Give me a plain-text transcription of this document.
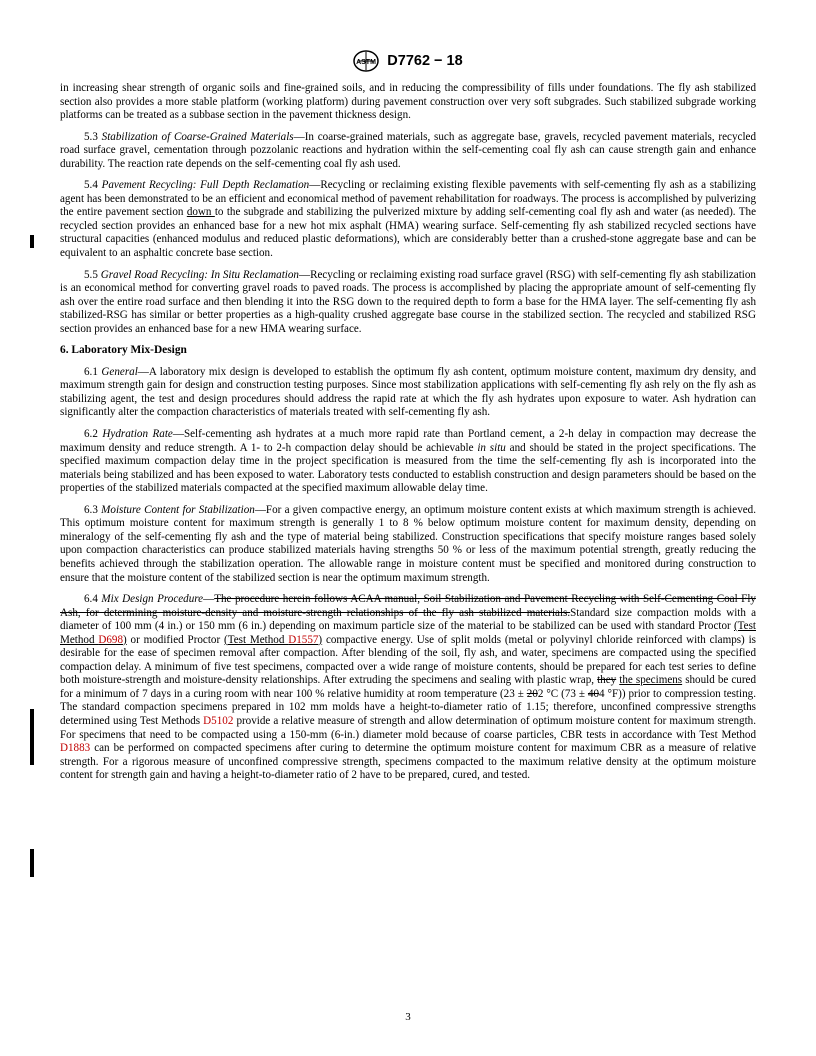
ASTM D7762 − 18

in increasing shear strength of organic soils and fine-grained soils, and in reducing the compressibility of fills under foundations. The fly ash stabilized section also provides a more stable platform (working platform) during pavement construction over very soft subgrades. Such stabilized subgrade working platforms can be treated as a subbase section in the pavement thickness design.

5.3 Stabilization of Coarse-Grained Materials—In coarse-grained materials, such as aggregate base, gravels, recycled pavement materials, recycled road surface gravel, cementation through pozzolanic reactions and hydration within the self-cementing coal fly ash can cause strength gain and enhance durability. The reaction rate depends on the self-cementing coal fly ash used.

5.4 Pavement Recycling: Full Depth Reclamation—Recycling or reclaiming existing flexible pavements with self-cementing fly ash as a stabilizing agent has been demonstrated to be an efficient and economical method of pavement rehabilitation for roadways. The process is accomplished by pulverizing the entire pavement section down to the subgrade and stabilizing the pulverized mixture by adding self-cementing coal fly ash and water (as needed). The recycled section provides an enhanced base for a new hot mix asphalt (HMA) wearing surface. Self-cementing fly ash stabilized recycled sections have structural capacities (enhanced modulus and reduced plastic deformations), which are considerably better than a crushed-stone aggregate base and can be equivalent to an asphaltic concrete base section.

5.5 Gravel Road Recycling: In Situ Reclamation—Recycling or reclaiming existing road surface gravel (RSG) with self-cementing fly ash stabilization is an economical method for converting gravel roads to paved roads. The process is accomplished by placing the appropriate amount of self-cementing fly ash over the entire road surface and then blending it into the RSG down to the required depth to form a base for the HMA layer. The self-cementing fly ash stabilized-RSG has similar or better properties as a high-quality crushed aggregate base course in the stabilized section. The recycled and stabilized RSG section provides an enhanced base for a new HMA wearing surface.

6. Laboratory Mix-Design

6.1 General—A laboratory mix design is developed to establish the optimum fly ash content, optimum moisture content, maximum dry density, and maximum strength gain for design and construction testing purposes. Since most stabilization applications with self-cementing fly ash rely on the fly ash as stabilizing agent, the test and design procedures should address the rapid rate at which the fly ash hydrates upon exposure to water. Ash hydration can significantly alter the compaction characteristics of materials treated with self-cementing fly ash.

6.2 Hydration Rate—Self-cementing ash hydrates at a much more rapid rate than Portland cement, a 2-h delay in compaction may decrease the maximum density and reduce strength. A 1- to 2-h compaction delay should be achievable in situ and should be stated in the project specifications. The specified maximum compaction delay time in the project specification is measured from the time the self-cementing fly ash is incorporated into the materials being stabilized and has been exposed to water. Laboratory tests conducted to establish construction and design parameters should be based on the properties of the stabilized materials compacted at the specified maximum allowable delay time.

6.3 Moisture Content for Stabilization—For a given compactive energy, an optimum moisture content exists at which maximum strength is achieved. This optimum moisture content for maximum strength is generally 1 to 8 % below optimum moisture content for maximum density, depending on mineralogy of the self-cementing fly ash and the type of material being stabilized. Construction specifications that specify moisture ranges based solely upon compaction characteristics can produce stabilized materials having strengths 50 % or less of the maximum potential strength, greatly reducing the benefits achieved through the stabilization operation. The allowable range in moisture content must be specified and monitored during construction to ensure that the moisture content of the stabilized section is near the optimum maximum strength.

6.4 Mix Design Procedure—The procedure herein follows ACAA manual, Soil Stabilization and Pavement Recycling with Self-Cementing Coal Fly Ash, for determining moisture-density and moisture-strength relationships of the fly ash stabilized materials.Standard size compaction molds with a diameter of 100 mm (4 in.) or 150 mm (6 in.) depending on maximum particle size of the material to be stabilized can be used with standard Proctor (Test Method D698) or modified Proctor (Test Method D1557) compactive energy. Use of split molds (metal or polyvinyl chloride reinforced with clamps) is desirable for the ease of specimen removal after compaction. After blending of the soil, fly ash, and water, specimens are compacted using the specified compaction delay. A minimum of five test specimens, compacted over a wide range of moisture contents, should be prepared for each test series to define both moisture-strength and moisture-density relationships. After extruding the specimens and sealing with plastic wrap, they the specimens should be cured for a minimum of 7 days in a curing room with near 100 % relative humidity at room temperature (23 ± 202 °C (73 ± 404 °F)) prior to compression testing. The standard compaction specimens prepared in 102 mm molds have a height-to-diameter ratio of 1.15; therefore, unconfined compressive strengths determined using Test Methods D5102 provide a relative measure of strength and allow determination of optimum moisture content for maximum strength. For specimens that need to be compacted using a 150-mm (6-in.) diameter mold because of coarse particles, CBR tests in accordance with Test Method D1883 can be performed on compacted specimens after curing to determine the optimum moisture content for maximum CBR as a measure of relative strength. For a rigorous measure of unconfined compressive strength, specimens compacted to the maximum relative density at the optimum moisture content for strength gain and having a height-to-diameter ratio of 2 have to be prepared, cured, and tested.

3
